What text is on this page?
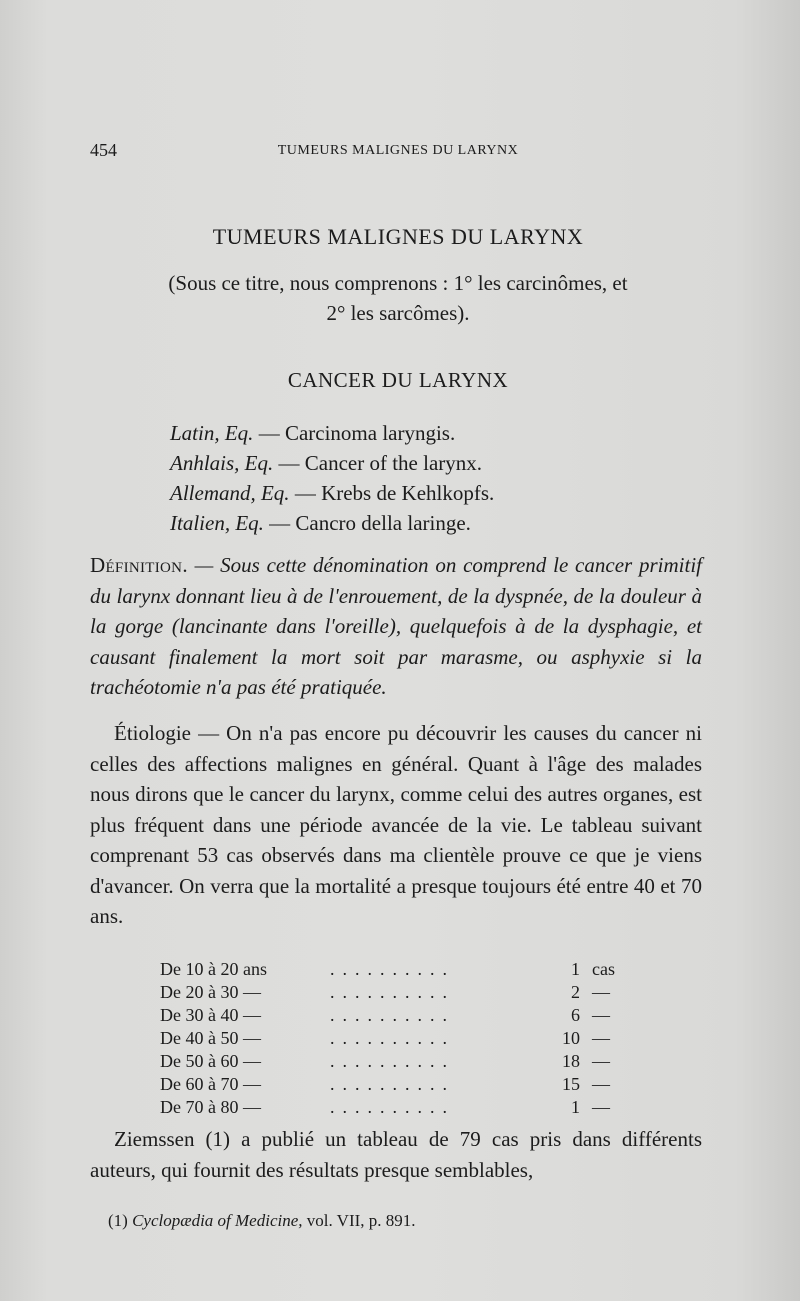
454	TUMEURS MALIGNES DU LARYNX
TUMEURS MALIGNES DU LARYNX
(Sous ce titre, nous comprenons : 1° les carcinômes, et
2° les sarcômes).
CANCER DU LARYNX
Latin, Eq. — Carcinoma laryngis.
Anhlais, Eq. — Cancer of the larynx.
Allemand, Eq. — Krebs de Kehlkopfs.
Italien, Eq. — Cancro della laringe.
Définition. — Sous cette dénomination on comprend le cancer primitif du larynx donnant lieu à de l'enrouement, de la dyspnée, de la douleur à la gorge (lancinante dans l'oreille), quelquefois à de la dysphagie, et causant finalement la mort soit par marasme, ou asphyxie si la trachéotomie n'a pas été pratiquée.
Étiologie — On n'a pas encore pu découvrir les causes du cancer ni celles des affections malignes en général. Quant à l'âge des malades nous dirons que le cancer du larynx, comme celui des autres organes, est plus fréquent dans une période avancée de la vie. Le tableau suivant comprenant 53 cas observés dans ma clientèle prouve ce que je viens d'avancer. On verra que la mortalité a presque toujours été entre 40 et 70 ans.
De 10 à 20 ans	..........	1 cas
De 20 à 30 —	..........	2 —
De 30 à 40 —	..........	6 —
De 40 à 50 —	..........	10 —
De 50 à 60 —	..........	18 —
De 60 à 70 —	..........	15 —
De 70 à 80 —	..........	1 —
Ziemssen (1) a publié un tableau de 79 cas pris dans différents auteurs, qui fournit des résultats presque semblables,
(1) Cyclopædia of Medicine, vol. VII, p. 891.
